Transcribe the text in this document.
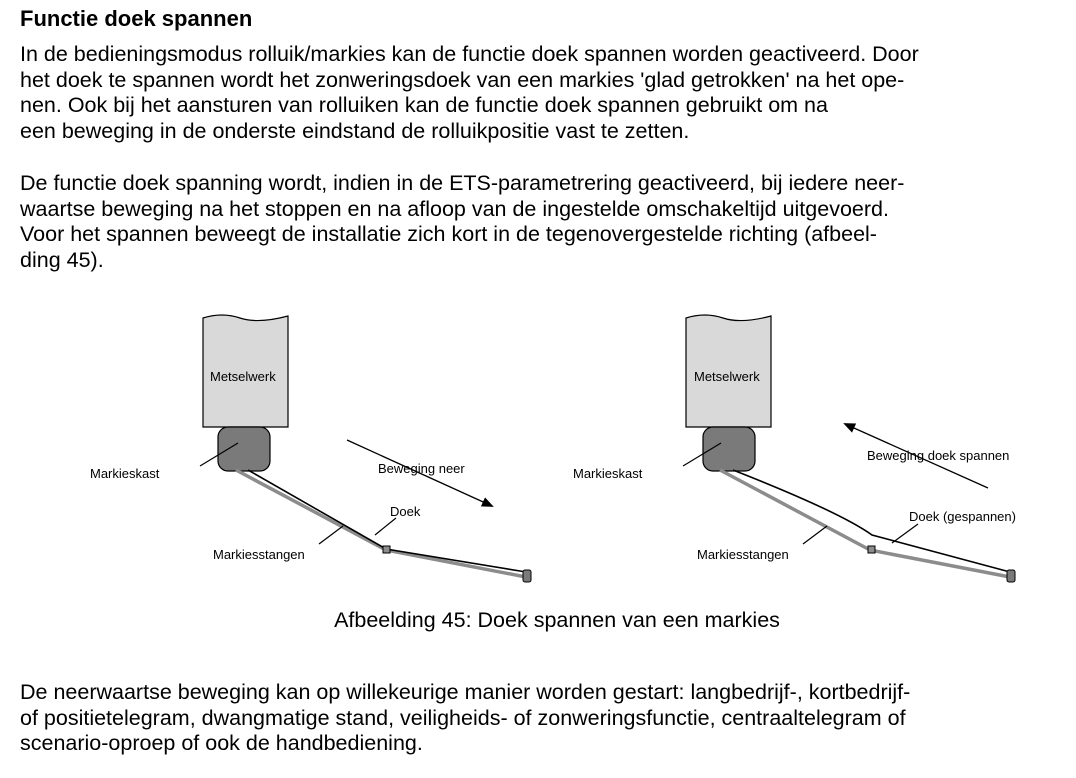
Functie doek spannen
In de bedieningsmodus rolluik/markies kan de functie doek spannen worden geactiveerd. Door
het doek te spannen wordt het zonweringsdoek van een markies 'glad getrokken' na het ope-
nen. Ook bij het aansturen van rolluiken kan de functie doek spannen gebruikt om na
een beweging in de onderste eindstand de rolluikpositie vast te zetten.
De functie doek spanning wordt, indien in de ETS-parametrering geactiveerd, bij iedere neer-
waartse beweging na het stoppen en na afloop van de ingestelde omschakeltijd uitgevoerd.
Voor het spannen beweegt de installatie zich kort in de tegenovergestelde richting (afbeel-
ding 45).
Metselwerk
Markieskast	Beweging neer
Doek
Markiesstangen
Metselwerk
Markieskast
Beweging doek spannen
Doek (gespannen)
Markiesstangen

Afbeelding 45: Doek spannen van een markies

De neerwaartse beweging kan op willekeurige manier worden gestart: langbedrijf-, kortbedrijf-
of positietelegram, dwangmatige stand, veiligheids- of zonweringsfunctie, centraaltelegram of
scenario-oproep of ook de handbediening.
